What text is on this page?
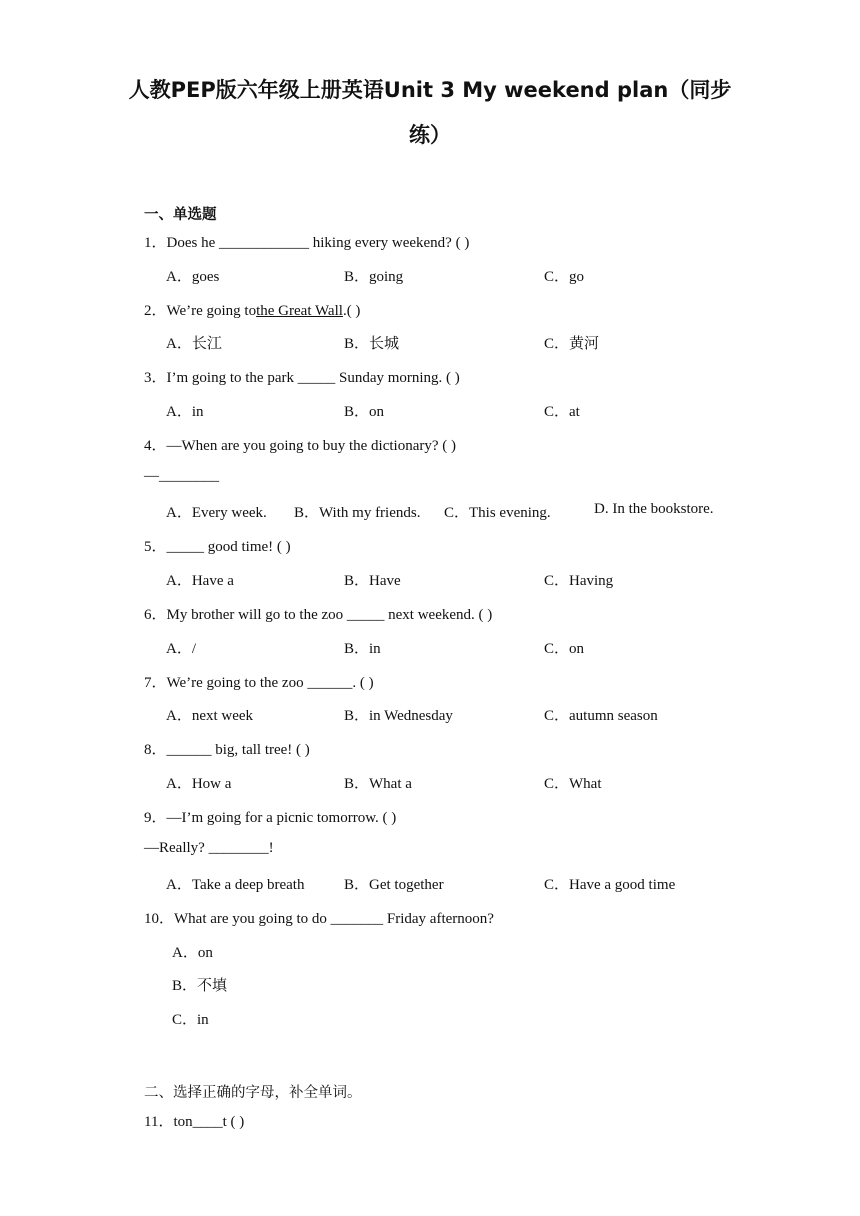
人教PEP版六年级上册英语Unit 3 My weekend plan（同步
练）
一、单选题
1．Does he ____________ hiking every weekend? ( )
A．goes	B．going	C．go
2．We’re going tothe Great Wall.( )
A．长江	B．长城	C．黄河
3．I’m going to the park _____ Sunday morning. ( )
A．in	B．on	C．at
4．—When are you going to buy the dictionary? ( )
—________
A．Every week. B．With my friends. C．This evening.	D. In the bookstore.
5．_____ good time! ( )
A．Have a	B．Have	C．Having
6．My brother will go to the zoo _____ next weekend. ( )
A．/	B．in	C．on
7．We’re going to the zoo ______. ( )
A．next week	B．in Wednesday	C．autumn season
8．______ big, tall tree! ( )
A．How a	B．What a	C．What
9．—I’m going for a picnic tomorrow. ( )
—Really? ________!
A．Take a deep breath	B．Get together	C．Have a good time
10．What are you going to do _______ Friday afternoon?
A．on
B．不填
C．in
二、选择正确的字母，补全单词。
11．ton____t ( )
